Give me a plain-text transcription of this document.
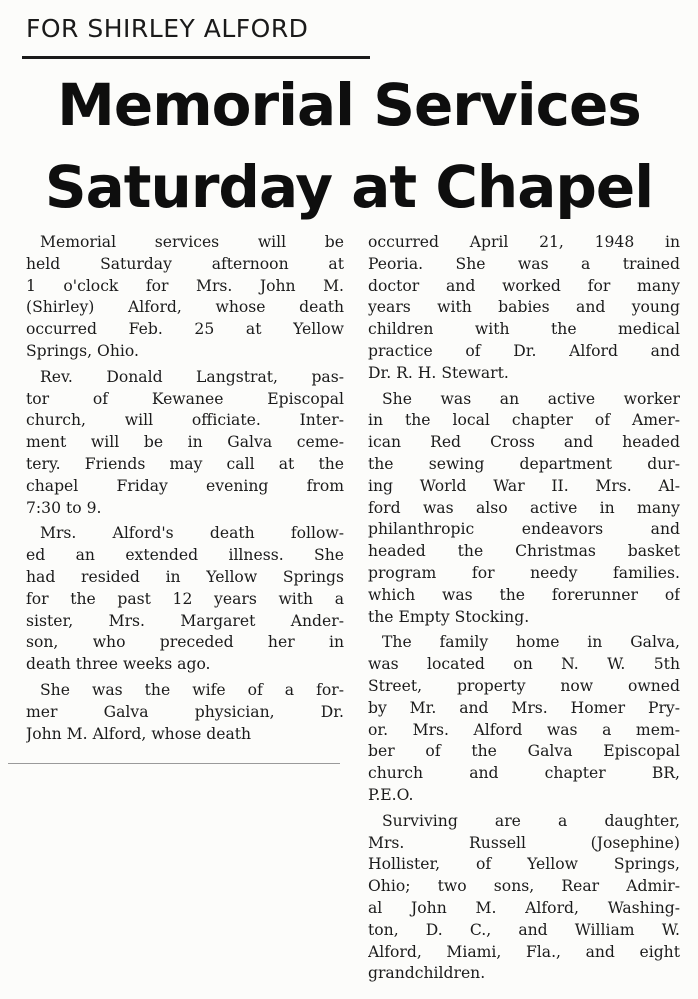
FOR SHIRLEY ALFORD
Memorial Services
Saturday at Chapel

Memorial services will be
held Saturday afternoon at
1 o'clock for Mrs. John M.
(Shirley) Alford, whose death
occurred Feb. 25 at Yellow
Springs, Ohio.

Rev. Donald Langstrat, pas-
tor of Kewanee Episcopal
church, will officiate. Inter-
ment will be in Galva ceme-
tery. Friends may call at the
chapel Friday evening from
7:30 to 9.

Mrs. Alford's death follow-
ed an extended illness. She
had resided in Yellow Springs
for the past 12 years with a
sister, Mrs. Margaret Ander-
son, who preceded her in
death three weeks ago.

She was the wife of a for-
mer Galva physician, Dr.
John M. Alford, whose death

occurred April 21, 1948 in
Peoria. She was a trained
doctor and worked for many
years with babies and young
children with the medical
practice of Dr. Alford and
Dr. R. H. Stewart.

She was an active worker
in the local chapter of Amer-
ican Red Cross and headed
the sewing department dur-
ing World War II. Mrs. Al-
ford was also active in many
philanthropic endeavors and
headed the Christmas basket
program for needy families.
which was the forerunner of
the Empty Stocking.

The family home in Galva,
was located on N. W. 5th
Street, property now owned
by Mr. and Mrs. Homer Pry-
or. Mrs. Alford was a mem-
ber of the Galva Episcopal
church and chapter BR,
P.E.O.

Surviving are a daughter,
Mrs. Russell (Josephine)
Hollister, of Yellow Springs,
Ohio; two sons, Rear Admir-
al John M. Alford, Washing-
ton, D. C., and William W.
Alford, Miami, Fla., and eight
grandchildren.
